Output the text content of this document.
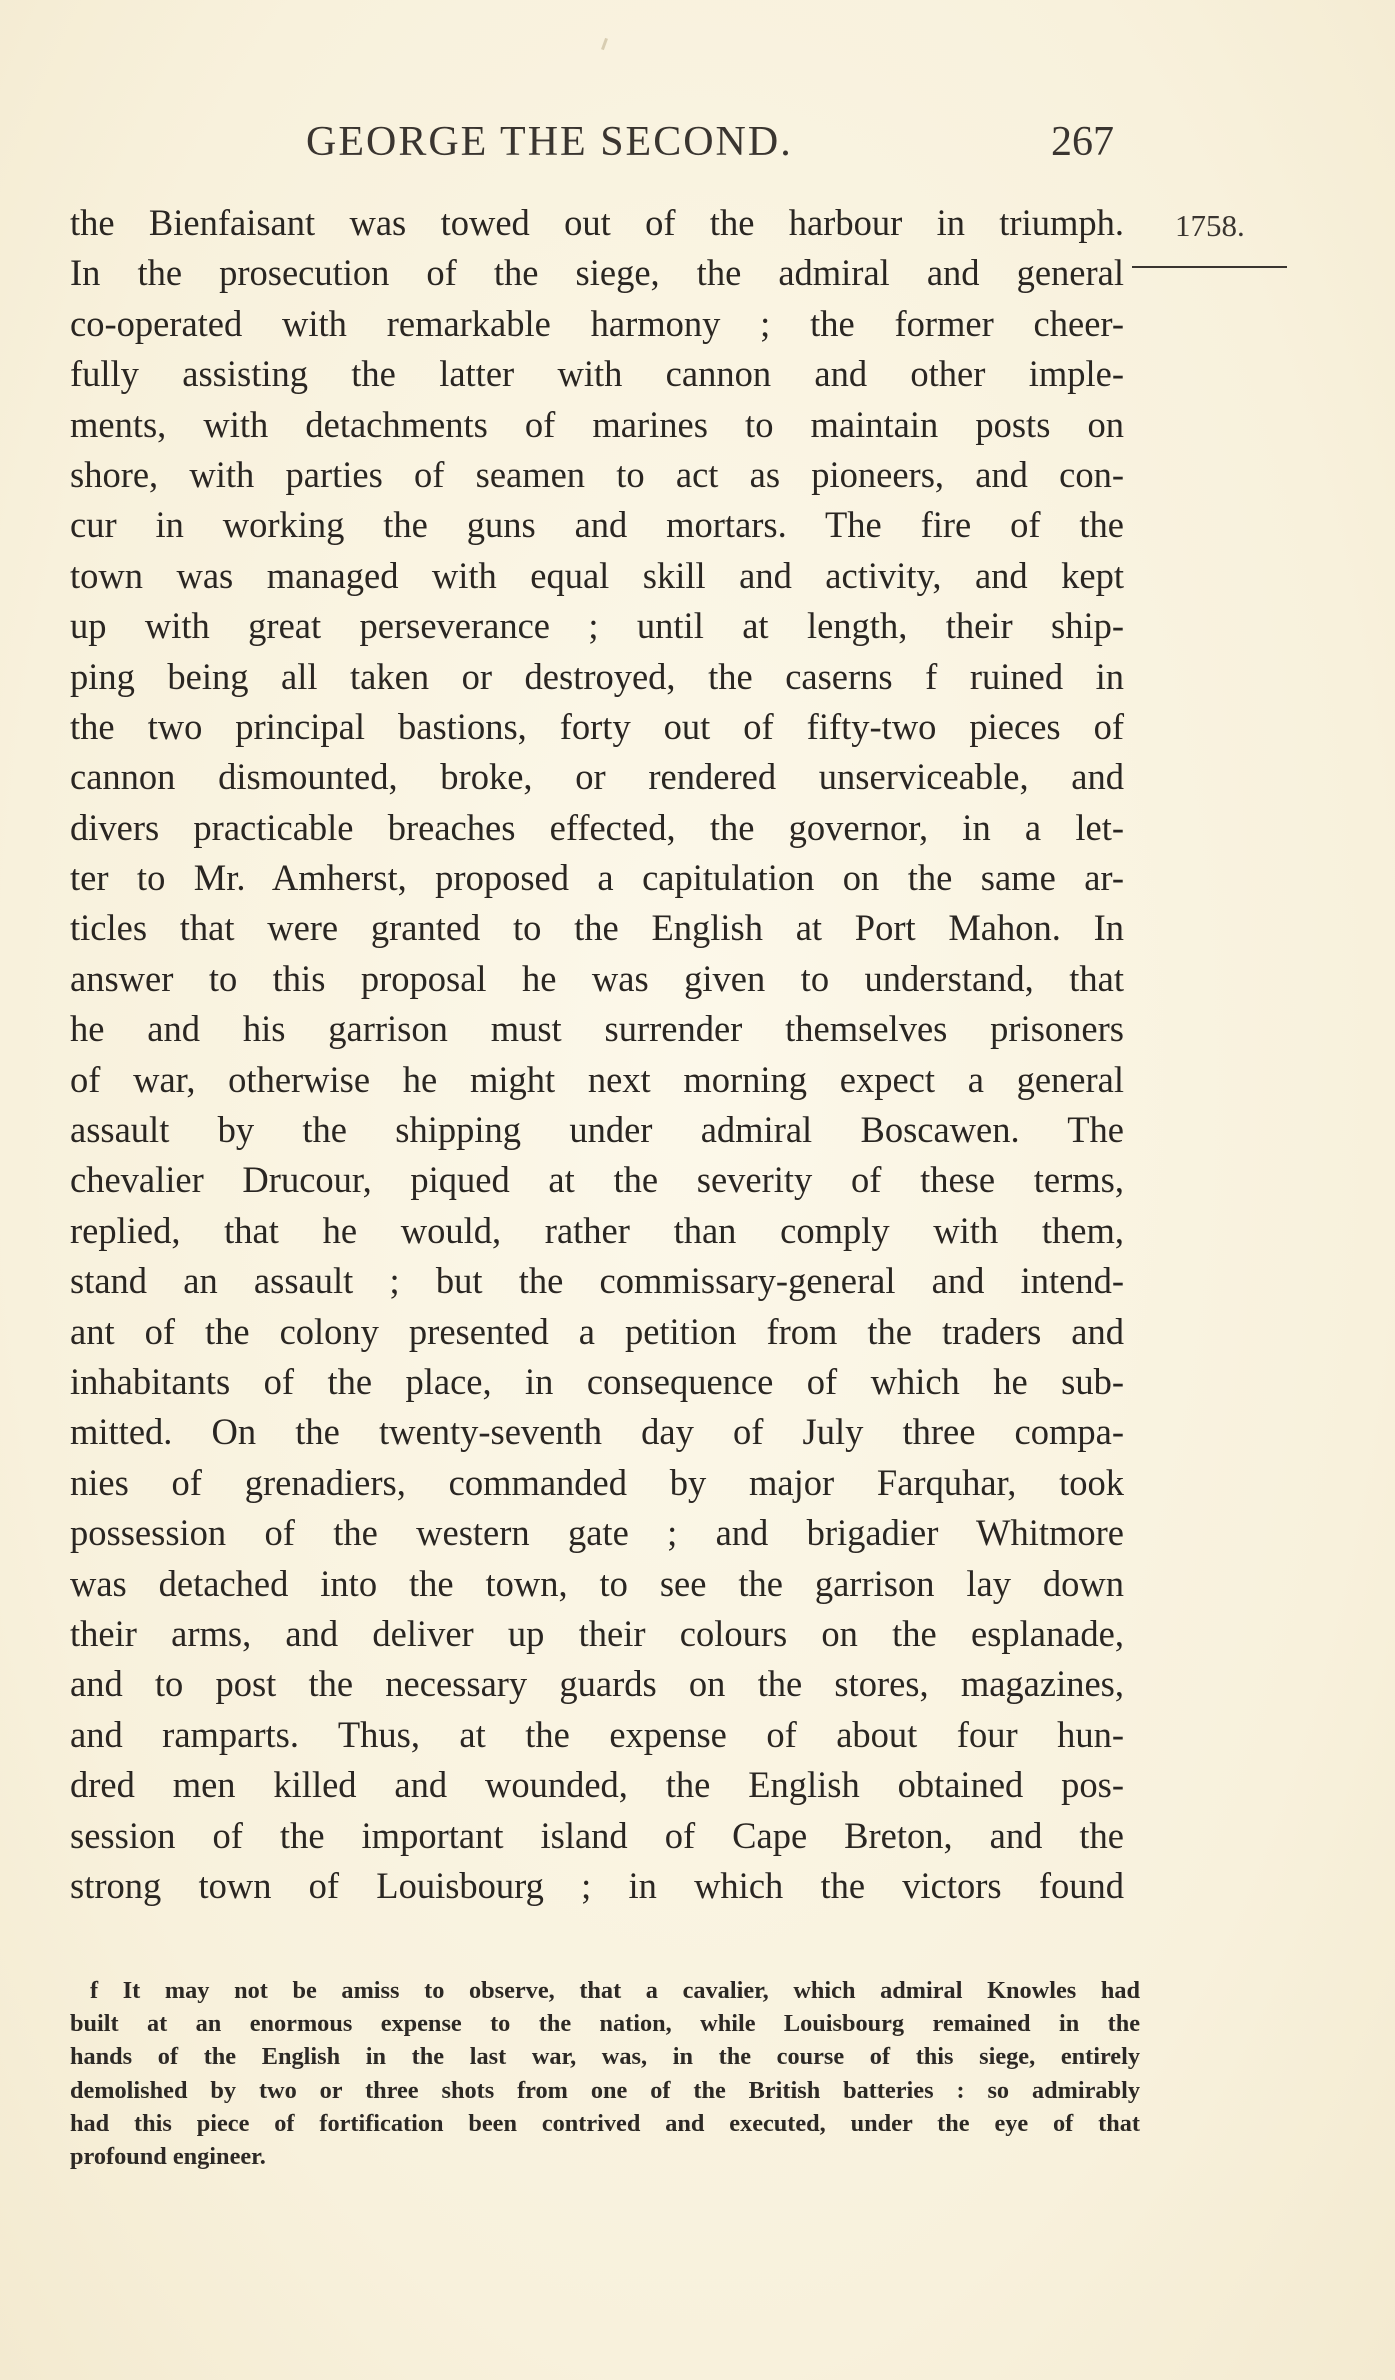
GEORGE THE SECOND.	267
1758.
the Bienfaisant was towed out of the harbour in triumph.
In the prosecution of the siege, the admiral and general
co-operated with remarkable harmony ; the former cheer-
fully assisting the latter with cannon and other imple-
ments, with detachments of marines to maintain posts on
shore, with parties of seamen to act as pioneers, and con-
cur in working the guns and mortars. The fire of the
town was managed with equal skill and activity, and kept
up with great perseverance ; until at length, their ship-
ping being all taken or destroyed, the caserns f ruined in
the two principal bastions, forty out of fifty-two pieces of
cannon dismounted, broke, or rendered unserviceable, and
divers practicable breaches effected, the governor, in a let-
ter to Mr. Amherst, proposed a capitulation on the same ar-
ticles that were granted to the English at Port Mahon. In
answer to this proposal he was given to understand, that
he and his garrison must surrender themselves prisoners
of war, otherwise he might next morning expect a general
assault by the shipping under admiral Boscawen. The
chevalier Drucour, piqued at the severity of these terms,
replied, that he would, rather than comply with them,
stand an assault ; but the commissary-general and intend-
ant of the colony presented a petition from the traders and
inhabitants of the place, in consequence of which he sub-
mitted. On the twenty-seventh day of July three compa-
nies of grenadiers, commanded by major Farquhar, took
possession of the western gate ; and brigadier Whitmore
was detached into the town, to see the garrison lay down
their arms, and deliver up their colours on the esplanade,
and to post the necessary guards on the stores, magazines,
and ramparts. Thus, at the expense of about four hun-
dred men killed and wounded, the English obtained pos-
session of the important island of Cape Breton, and the
strong town of Louisbourg ; in which the victors found
f It may not be amiss to observe, that a cavalier, which admiral Knowles had
built at an enormous expense to the nation, while Louisbourg remained in the
hands of the English in the last war, was, in the course of this siege, entirely
demolished by two or three shots from one of the British batteries : so admirably
had this piece of fortification been contrived and executed, under the eye of that
profound engineer.
